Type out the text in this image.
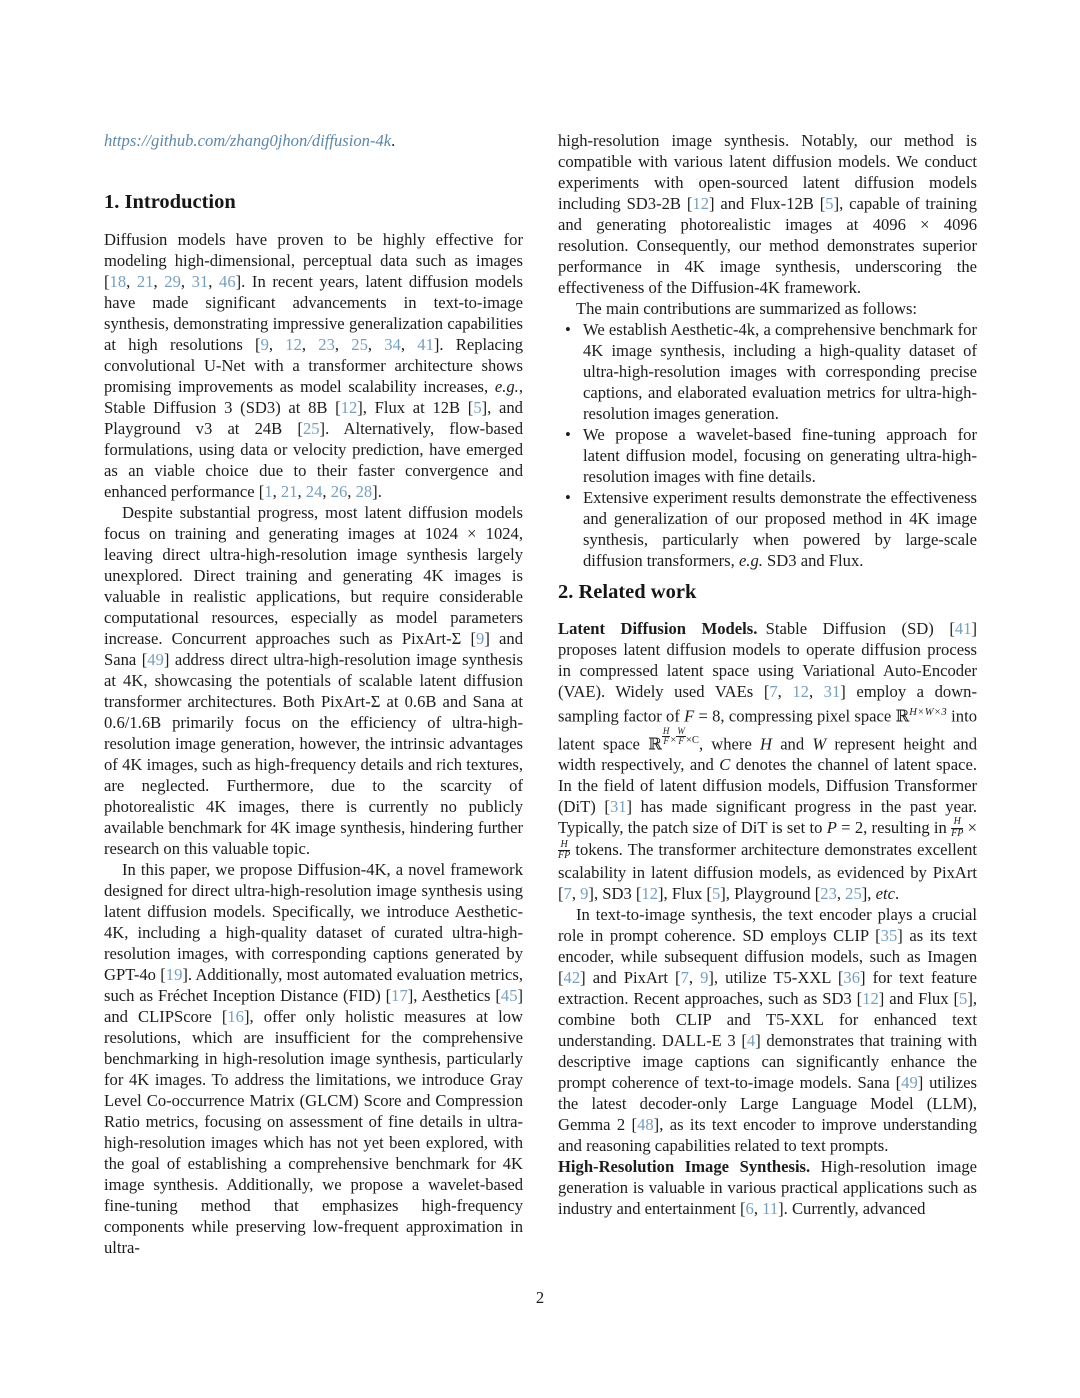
https://github.com/zhang0jhon/diffusion-4k.

1. Introduction

Diffusion models have proven to be highly effective for modeling high-dimensional, perceptual data such as images [18, 21, 29, 31, 46]. In recent years, latent diffusion models have made significant advancements in text-to-image synthesis, demonstrating impressive generalization capabilities at high resolutions [9, 12, 23, 25, 34, 41]. Replacing convolutional U-Net with a transformer architecture shows promising improvements as model scalability increases, e.g., Stable Diffusion 3 (SD3) at 8B [12], Flux at 12B [5], and Playground v3 at 24B [25]. Alternatively, flow-based formulations, using data or velocity prediction, have emerged as an viable choice due to their faster convergence and enhanced performance [1, 21, 24, 26, 28].

Despite substantial progress, most latent diffusion models focus on training and generating images at 1024 × 1024, leaving direct ultra-high-resolution image synthesis largely unexplored. Direct training and generating 4K images is valuable in realistic applications, but require considerable computational resources, especially as model parameters increase. Concurrent approaches such as PixArt-Σ [9] and Sana [49] address direct ultra-high-resolution image synthesis at 4K, showcasing the potentials of scalable latent diffusion transformer architectures. Both PixArt-Σ at 0.6B and Sana at 0.6/1.6B primarily focus on the efficiency of ultra-high-resolution image generation, however, the intrinsic advantages of 4K images, such as high-frequency details and rich textures, are neglected. Furthermore, due to the scarcity of photorealistic 4K images, there is currently no publicly available benchmark for 4K image synthesis, hindering further research on this valuable topic.

In this paper, we propose Diffusion-4K, a novel framework designed for direct ultra-high-resolution image synthesis using latent diffusion models. Specifically, we introduce Aesthetic-4K, including a high-quality dataset of curated ultra-high-resolution images, with corresponding captions generated by GPT-4o [19]. Additionally, most automated evaluation metrics, such as Fréchet Inception Distance (FID) [17], Aesthetics [45] and CLIPScore [16], offer only holistic measures at low resolutions, which are insufficient for the comprehensive benchmarking in high-resolution image synthesis, particularly for 4K images. To address the limitations, we introduce Gray Level Co-occurrence Matrix (GLCM) Score and Compression Ratio metrics, focusing on assessment of fine details in ultra-high-resolution images which has not yet been explored, with the goal of establishing a comprehensive benchmark for 4K image synthesis. Additionally, we propose a wavelet-based fine-tuning method that emphasizes high-frequency components while preserving low-frequent approximation in ultra-

high-resolution image synthesis. Notably, our method is compatible with various latent diffusion models. We conduct experiments with open-sourced latent diffusion models including SD3-2B [12] and Flux-12B [5], capable of training and generating photorealistic images at 4096 × 4096 resolution. Consequently, our method demonstrates superior performance in 4K image synthesis, underscoring the effectiveness of the Diffusion-4K framework.

The main contributions are summarized as follows:

• We establish Aesthetic-4k, a comprehensive benchmark for 4K image synthesis, including a high-quality dataset of ultra-high-resolution images with corresponding precise captions, and elaborated evaluation metrics for ultra-high-resolution images generation.
• We propose a wavelet-based fine-tuning approach for latent diffusion model, focusing on generating ultra-high-resolution images with fine details.
• Extensive experiment results demonstrate the effectiveness and generalization of our proposed method in 4K image synthesis, particularly when powered by large-scale diffusion transformers, e.g. SD3 and Flux.
2. Related work

Latent Diffusion Models. Stable Diffusion (SD) [41] proposes latent diffusion models to operate diffusion process in compressed latent space using Variational Auto-Encoder (VAE). Widely used VAEs [7, 12, 31] employ a down-sampling factor of F = 8, compressing pixel space ℝ$^{H\times W\times 3}$ into latent space ℝ $\frac{H}{F} ^\times \frac{W}{F} ^{\times C}$, where H and W represent height and width respectively, and C denotes the channel of latent space. In the field of latent diffusion models, Diffusion Transformer (DiT) [31] has made significant progress in the past year. Typically, the patch size of DiT is set to P = 2, resulting in $\frac{H}{FP}$ ×
$\frac{H}{FP}$ tokens. The transformer architecture demonstrates excellent scalability in latent diffusion models, as evidenced by PixArt [7, 9], SD3 [12], Flux [5], Playground [23, 25], etc.

In text-to-image synthesis, the text encoder plays a crucial role in prompt coherence. SD employs CLIP [35] as its text encoder, while subsequent diffusion models, such as Imagen [42] and PixArt [7, 9], utilize T5-XXL [36] for text feature extraction. Recent approaches, such as SD3 [12] and Flux [5], combine both CLIP and T5-XXL for enhanced text understanding. DALL-E 3 [4] demonstrates that training with descriptive image captions can significantly enhance the prompt coherence of text-to-image models. Sana [49] utilizes the latest decoder-only Large Language Model (LLM), Gemma 2 [48], as its text encoder to improve understanding and reasoning capabilities related to text prompts.

High-Resolution Image Synthesis. High-resolution image generation is valuable in various practical applications such as industry and entertainment [6, 11]. Currently, advanced

2
